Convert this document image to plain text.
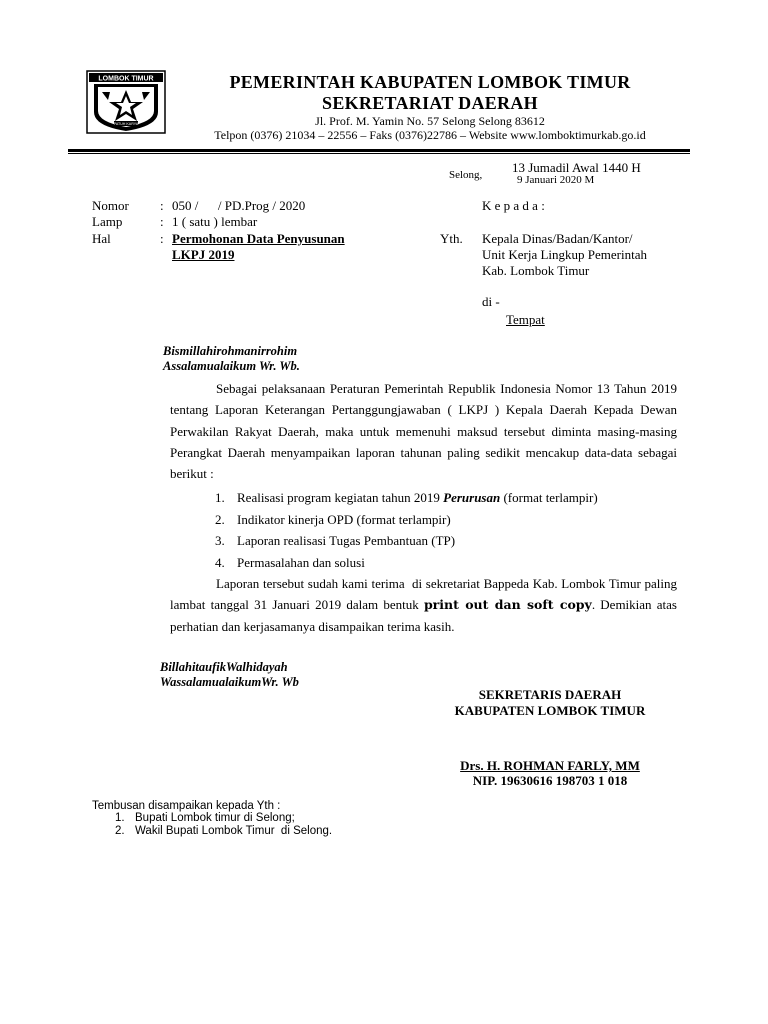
LOMBOK TIMUR
PATUH KARYA
PEMERINTAH KABUPATEN LOMBOK TIMUR
SEKRETARIAT DAERAH
Jl. Prof. M. Yamin No. 57 Selong Selong 83612
Telpon (0376) 21034 – 22556 – Faks (0376)22786 – Website www.lomboktimurkab.go.id
Selong, 13 Jumadil Awal 1440 H
9 Januari 2020 M
Nomor : 050 /      / PD.Prog / 2020
Lamp	: 1 ( satu ) lembar
Hal	: Permohonan Data Penyusunan
LKPJ 2019
K e p a d a :
Yth. Kepala Dinas/Badan/Kantor/
Unit Kerja Lingkup Pemerintah
Kab. Lombok Timur
di -
Tempat
Bismillahirohmanirrohim
Assalamualaikum Wr. Wb.

Sebagai pelaksanaan Peraturan Pemerintah Republik Indonesia Nomor 13 Tahun 2019 tentang Laporan Keterangan Pertanggungjawaban ( LKPJ ) Kepala Daerah Kepada Dewan Perwakilan Rakyat Daerah, maka untuk memenuhi maksud tersebut diminta masing-masing Perangkat Daerah menyampaikan laporan tahunan paling sedikit mencakup data-data sebagai berikut :

1. Realisasi program kegiatan tahun 2019 Perurusan (format terlampir)
2. Indikator kinerja OPD (format terlampir)
3. Laporan realisasi Tugas Pembantuan (TP)
4. Permasalahan dan solusi

Laporan tersebut sudah kami terima  di sekretariat Bappeda Kab. Lombok Timur paling lambat tanggal 31 Januari 2019 dalam bentuk print out dan soft copy. Demikian atas perhatian dan kerjasamanya disampaikan terima kasih.

BillahitaufikWalhidayah
WassalamualaikumWr. Wb
SEKRETARIS DAERAH
KABUPATEN LOMBOK TIMUR
Drs. H. ROHMAN FARLY, MM
NIP. 19630616 198703 1 018
Tembusan disampaikan kepada Yth :
1. Bupati Lombok timur di Selong;
2. Wakil Bupati Lombok Timur  di Selong.
